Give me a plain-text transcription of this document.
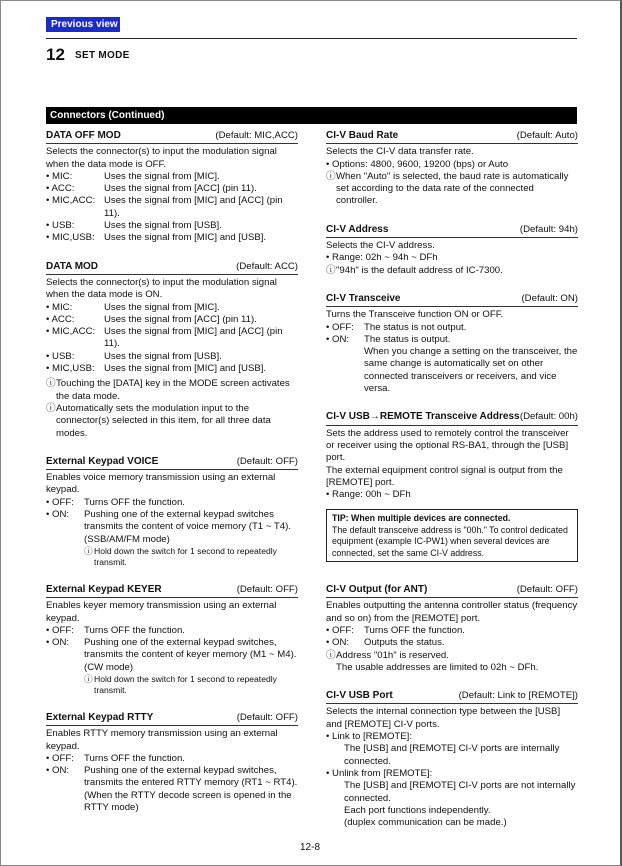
Previous view
12 SET MODE
Connectors (Continued)
DATA OFF MOD	(Default: MIC,ACC)
Selects the connector(s) to input the modulation signal when the data mode is OFF.
• MIC:	Uses the signal from [MIC].
• ACC:	Uses the signal from [ACC] (pin 11).
• MIC,ACC: Uses the signal from [MIC] and [ACC] (pin 11).
• USB:	Uses the signal from [USB].
• MIC,USB: Uses the signal from [MIC] and [USB].
DATA MOD	(Default: ACC)
Selects the connector(s) to input the modulation signal when the data mode is ON.
• MIC:	Uses the signal from [MIC].
• ACC:	Uses the signal from [ACC] (pin 11).
• MIC,ACC: Uses the signal from [MIC] and [ACC] (pin 11).
• USB:	Uses the signal from [USB].
• MIC,USB: Uses the signal from [MIC] and [USB].
ⓘ Touching the [DATA] key in the MODE screen activates the data mode.
ⓘ Automatically sets the modulation input to the connector(s) selected in this item, for all three data modes.
External Keypad VOICE	(Default: OFF)
Enables voice memory transmission using an external keypad.
• OFF:	Turns OFF the function.
• ON:	Pushing one of the external keypad switches transmits the content of voice memory (T1 ~ T4). (SSB/AM/FM mode)
ⓘ Hold down the switch for 1 second to repeatedly transmit.
External Keypad KEYER	(Default: OFF)
Enables keyer memory transmission using an external keypad.
• OFF:	Turns OFF the function.
• ON:	Pushing one of the external keypad switches, transmits the content of keyer memory (M1 ~ M4). (CW mode)
ⓘ Hold down the switch for 1 second to repeatedly transmit.
External Keypad RTTY	(Default: OFF)
Enables RTTY memory transmission using an external keypad.
• OFF:	Turns OFF the function.
• ON:	Pushing one of the external keypad switches, transmits the entered RTTY memory (RT1 ~ RT4). (When the RTTY decode screen is opened in the RTTY mode)
CI-V Baud Rate	(Default: Auto)
Selects the CI-V data transfer rate.
• Options: 4800, 9600, 19200 (bps) or Auto
ⓘ When "Auto" is selected, the baud rate is automatically set according to the data rate of the connected controller.
CI-V Address	(Default: 94h)
Selects the CI-V address.
• Range: 02h ~ 94h ~ DFh
ⓘ "94h" is the default address of IC-7300.
CI-V Transceive	(Default: ON)
Turns the Transceive function ON or OFF.
• OFF:	The status is not output.
• ON:	The status is output.
When you change a setting on the transceiver, the same change is automatically set on other connected transceivers or receivers, and vice versa.
CI-V USB→REMOTE Transceive Address (Default: 00h)
Sets the address used to remotely control the transceiver or receiver using the optional RS-BA1, through the [USB] port.
The external equipment control signal is output from the [REMOTE] port.
• Range: 00h ~ DFh
TIP: When multiple devices are connected.
The default transceive address is "00h." To control dedicated equipment (example IC-PW1) when several devices are connected, set the same CI-V address.
CI-V Output (for ANT)	(Default: OFF)
Enables outputting the antenna controller status (frequency and so on) from the [REMOTE] port.
• OFF:	Turns OFF the function.
• ON:	Outputs the status.
ⓘ Address "01h" is reserved.
The usable addresses are limited to 02h ~ DFh.
CI-V USB Port	(Default: Link to [REMOTE])
Selects the internal connection type between the [USB] and [REMOTE] CI-V ports.
• Link to [REMOTE]:
The [USB] and [REMOTE] CI-V ports are internally connected.
• Unlink from [REMOTE]:
The [USB] and [REMOTE] CI-V ports are not internally connected.
Each port functions independently.
(duplex communication can be made.)
12-8
